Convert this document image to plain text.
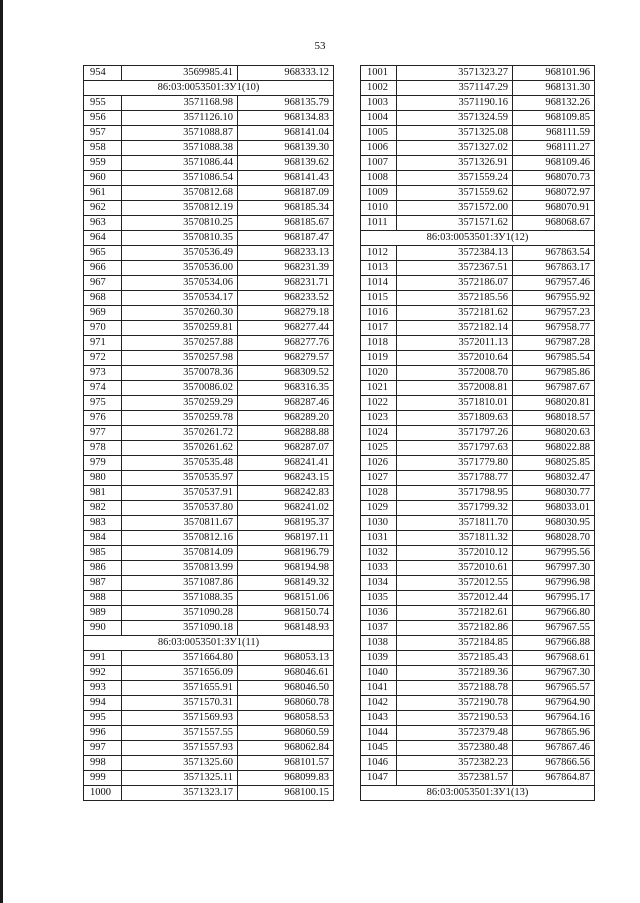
53
954	3569985.41	968333.12
86:03:0053501:ЗУ1(10)		
955	3571168.98	968135.79
956	3571126.10	968134.83
957	3571088.87	968141.04
958	3571088.38	968139.30
959	3571086.44	968139.62
960	3571086.54	968141.43
961	3570812.68	968187.09
962	3570812.19	968185.34
963	3570810.25	968185.67
964	3570810.35	968187.47
965	3570536.49	968233.13
966	3570536.00	968231.39
967	3570534.06	968231.71
968	3570534.17	968233.52
969	3570260.30	968279.18
970	3570259.81	968277.44
971	3570257.88	968277.76
972	3570257.98	968279.57
973	3570078.36	968309.52
974	3570086.02	968316.35
975	3570259.29	968287.46
976	3570259.78	968289.20
977	3570261.72	968288.88
978	3570261.62	968287.07
979	3570535.48	968241.41
980	3570535.97	968243.15
981	3570537.91	968242.83
982	3570537.80	968241.02
983	3570811.67	968195.37
984	3570812.16	968197.11
985	3570814.09	968196.79
986	3570813.99	968194.98
987	3571087.86	968149.32
988	3571088.35	968151.06
989	3571090.28	968150.74
990	3571090.18	968148.93
86:03:0053501:ЗУ1(11)		
991	3571664.80	968053.13
992	3571656.09	968046.61
993	3571655.91	968046.50
994	3571570.31	968060.78
995	3571569.93	968058.53
996	3571557.55	968060.59
997	3571557.93	968062.84
998	3571325.60	968101.57
999	3571325.11	968099.83
1000	3571323.17	968100.15
1001	3571323.27	968101.96
1002	3571147.29	968131.30
1003	3571190.16	968132.26
1004	3571324.59	968109.85
1005	3571325.08	968111.59
1006	3571327.02	968111.27
1007	3571326.91	968109.46
1008	3571559.24	968070.73
1009	3571559.62	968072.97
1010	3571572.00	968070.91
1011	3571571.62	968068.67
86:03:0053501:ЗУ1(12)		
1012	3572384.13	967863.54
1013	3572367.51	967863.17
1014	3572186.07	967957.46
1015	3572185.56	967955.92
1016	3572181.62	967957.23
1017	3572182.14	967958.77
1018	3572011.13	967987.28
1019	3572010.64	967985.54
1020	3572008.70	967985.86
1021	3572008.81	967987.67
1022	3571810.01	968020.81
1023	3571809.63	968018.57
1024	3571797.26	968020.63
1025	3571797.63	968022.88
1026	3571779.80	968025.85
1027	3571788.77	968032.47
1028	3571798.95	968030.77
1029	3571799.32	968033.01
1030	3571811.70	968030.95
1031	3571811.32	968028.70
1032	3572010.12	967995.56
1033	3572010.61	967997.30
1034	3572012.55	967996.98
1035	3572012.44	967995.17
1036	3572182.61	967966.80
1037	3572182.86	967967.55
1038	3572184.85	967966.88
1039	3572185.43	967968.61
1040	3572189.36	967967.30
1041	3572188.78	967965.57
1042	3572190.78	967964.90
1043	3572190.53	967964.16
1044	3572379.48	967865.96
1045	3572380.48	967867.46
1046	3572382.23	967866.56
1047	3572381.57	967864.87
86:03:0053501:ЗУ1(13)		
